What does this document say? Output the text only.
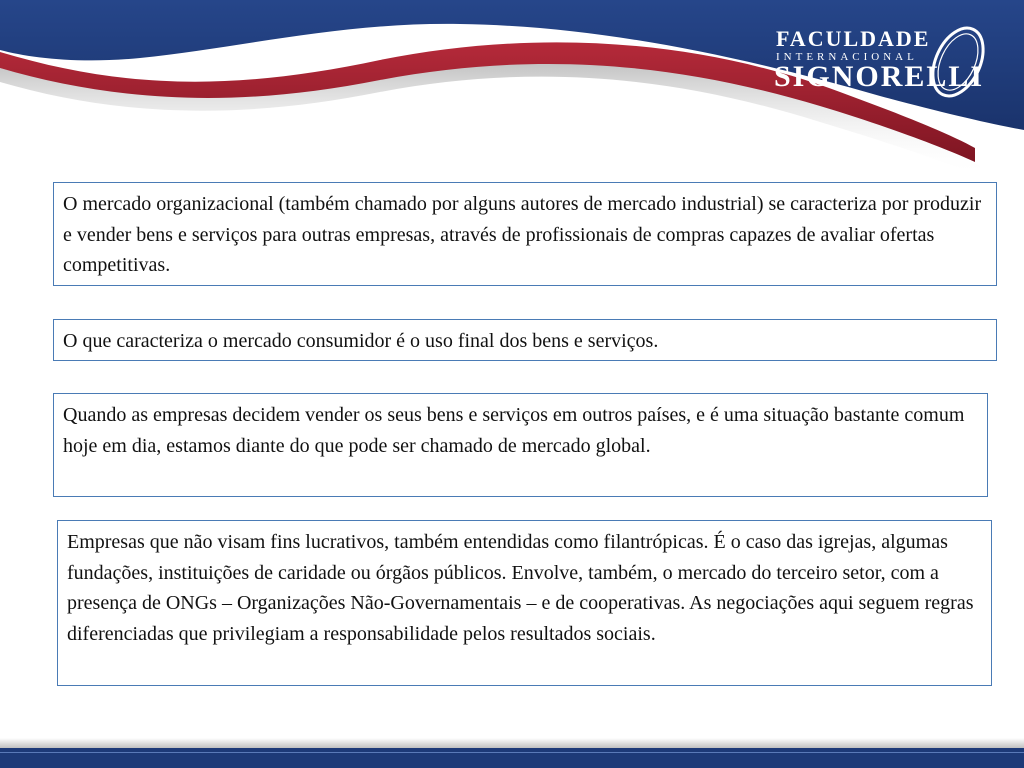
FACULDADE
INTERNACIONAL
SIGNORELLI
O mercado organizacional (também chamado por alguns autores de mercado industrial) se caracteriza por produzir e vender bens e serviços para outras empresas, através de profissionais de compras capazes de avaliar ofertas competitivas.
O que caracteriza o mercado consumidor é o uso final dos bens e serviços.
Quando as empresas decidem vender os seus bens e serviços em outros países, e é uma situação bastante comum hoje em dia, estamos diante do que pode ser chamado de mercado global.
Empresas que não visam fins lucrativos, também entendidas como filantrópicas. É o caso das igrejas, algumas fundações, instituições de caridade ou órgãos públicos. Envolve, também, o mercado do terceiro setor, com a presença de ONGs – Organizações Não-Governamentais – e de cooperativas. As negociações aqui seguem regras diferenciadas que privilegiam a responsabilidade pelos resultados sociais.
